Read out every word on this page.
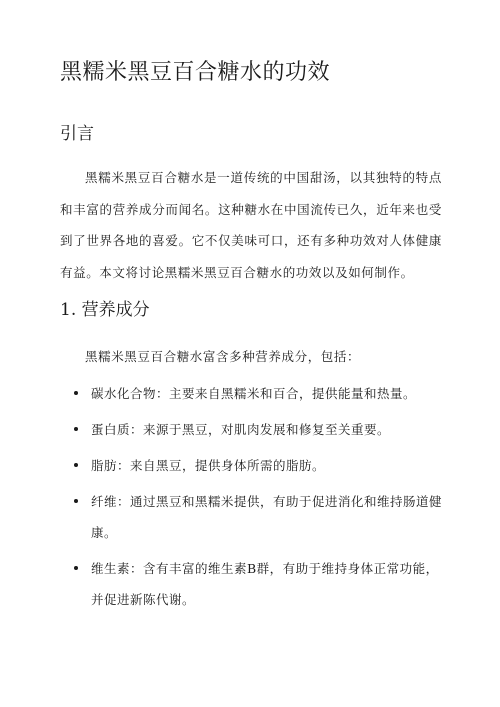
黑糯米黑豆百合糖水的功效
引言

黑糯米黑豆百合糖水是一道传统的中国甜汤，以其独特的特点和丰富的营养成分而闻名。这种糖水在中国流传已久，近年来也受到了世界各地的喜爱。它不仅美味可口，还有多种功效对人体健康有益。本文将讨论黑糯米黑豆百合糖水的功效以及如何制作。

1. 营养成分

黑糯米黑豆百合糖水富含多种营养成分，包括：

碳水化合物：主要来自黑糯米和百合，提供能量和热量。
蛋白质：来源于黑豆，对肌肉发展和修复至关重要。
脂肪：来自黑豆，提供身体所需的脂肪。
纤维：通过黑豆和黑糯米提供，有助于促进消化和维持肠道健康。
维生素：含有丰富的维生素B群，有助于维持身体正常功能，并促进新陈代谢。
